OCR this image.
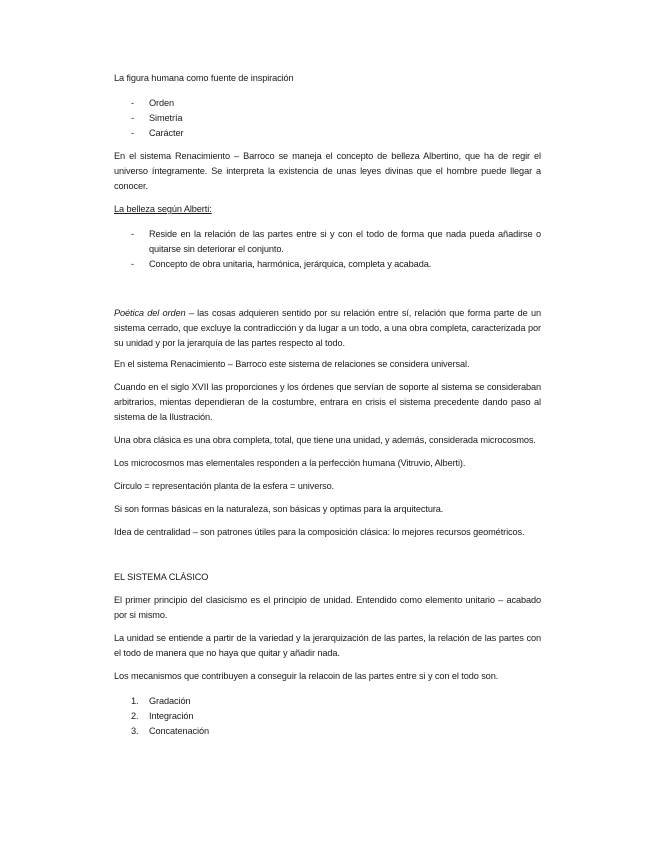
La figura humana como fuente de inspiración

- Orden
- Simetría
- Carácter

En el sistema Renacimiento – Barroco se maneja el concepto de belleza Albertino, que ha de regir el universo íntegramente. Se interpreta la existencia de unas leyes divinas que el hombre puede llegar a conocer.

La belleza según Alberti:

- Reside en la relación de las partes entre si y con el todo de forma que nada pueda añadirse o quitarse sin deteriorar el conjunto.
- Concepto de obra unitaria, harmónica, jerárquica, completa y acabada.

Poética del orden – las cosas adquieren sentido por su relación entre sí, relación que forma parte de un sistema cerrado, que excluye la contradicción y da lugar a un todo, a una obra completa, caracterizada por su unidad y por la jerarquía de las partes respecto al todo.

En el sistema Renacimiento – Barroco este sistema de relaciones se considera universal.

Cuando en el siglo XVII las proporciones y los órdenes que servían de soporte al sistema se consideraban arbitrarios, mientas dependieran de la costumbre, entrara en crisis el sistema precedente dando paso al sistema de la Ilustración.

Una obra clásica es una obra completa, total, que tiene una unidad, y además, considerada microcosmos.

Los microcosmos mas elementales responden a la perfección humana (Vitruvio, Alberti).

Circulo = representación planta de la esfera = universo.

Si son formas básicas en la naturaleza, son básicas y optimas para la arquitectura.

Idea de centralidad – son patrones útiles para la composición clásica: lo mejores recursos geométricos.

EL SISTEMA CLÁSICO

El primer principio del clasicismo es el principio de unidad. Entendido como elemento unitario – acabado por si mismo.

La unidad se entiende a partir de la variedad y la jerarquización de las partes, la relación de las partes con el todo de manera que no haya que quitar y añadir nada.

Los mecanismos que contribuyen a conseguir la relacoin de las partes entre si y con el todo son.

1. Gradación
2. Integración
3. Concatenación
